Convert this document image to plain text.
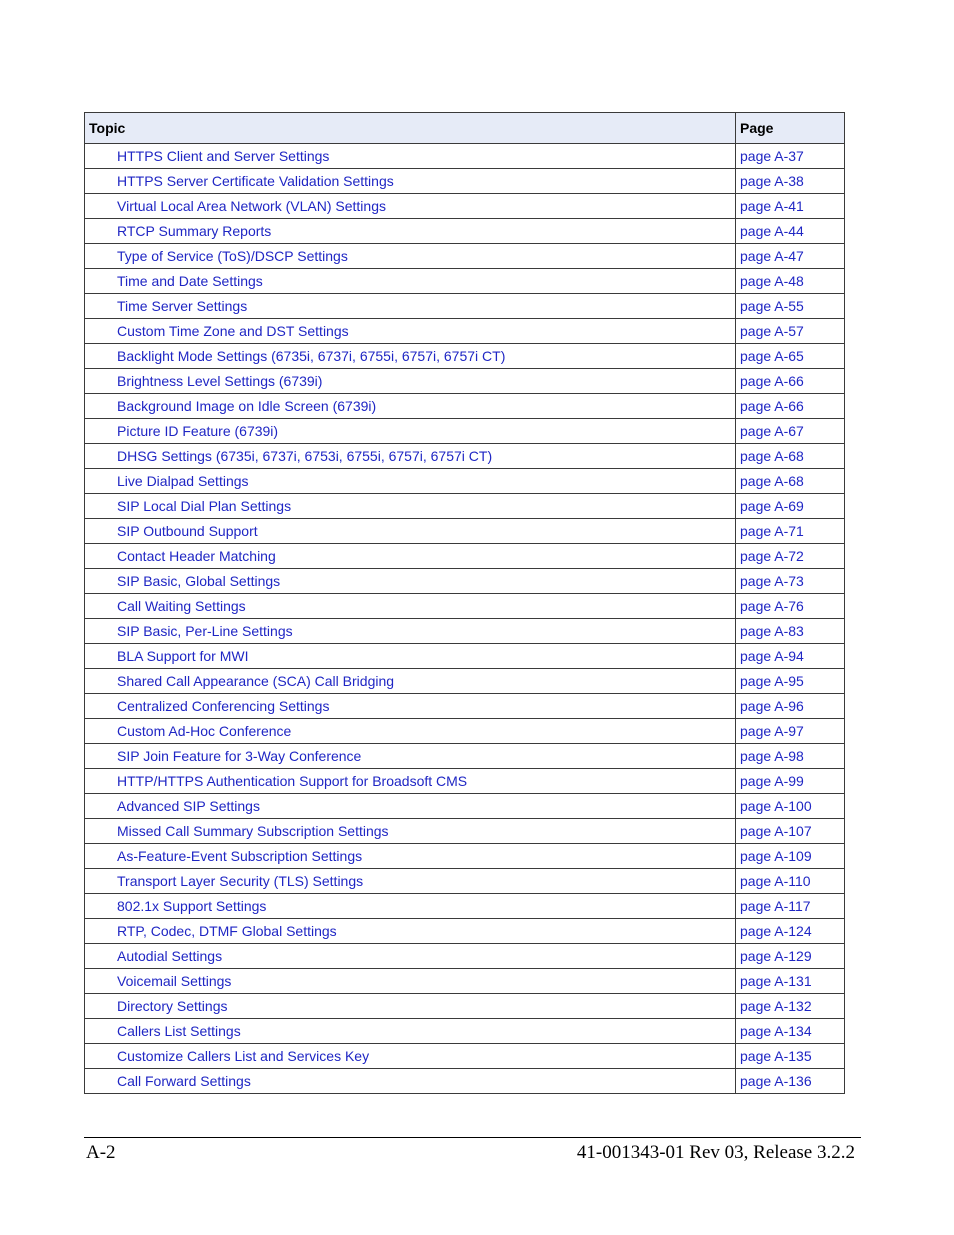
Topic	Page
HTTPS Client and Server Settings	page A-37
HTTPS Server Certificate Validation Settings	page A-38
Virtual Local Area Network (VLAN) Settings	page A-41
RTCP Summary Reports	page A-44
Type of Service (ToS)/DSCP Settings	page A-47
Time and Date Settings	page A-48
Time Server Settings	page A-55
Custom Time Zone and DST Settings	page A-57
Backlight Mode Settings (6735i, 6737i, 6755i, 6757i, 6757i CT)	page A-65
Brightness Level Settings (6739i)	page A-66
Background Image on Idle Screen (6739i)	page A-66
Picture ID Feature (6739i)	page A-67
DHSG Settings (6735i, 6737i, 6753i, 6755i, 6757i, 6757i CT)	page A-68
Live Dialpad Settings	page A-68
SIP Local Dial Plan Settings	page A-69
SIP Outbound Support	page A-71
Contact Header Matching	page A-72
SIP Basic, Global Settings	page A-73
Call Waiting Settings	page A-76
SIP Basic, Per-Line Settings	page A-83
BLA Support for MWI	page A-94
Shared Call Appearance (SCA) Call Bridging	page A-95
Centralized Conferencing Settings	page A-96
Custom Ad-Hoc Conference	page A-97
SIP Join Feature for 3-Way Conference	page A-98
HTTP/HTTPS Authentication Support for Broadsoft CMS	page A-99
Advanced SIP Settings	page A-100
Missed Call Summary Subscription Settings	page A-107
As-Feature-Event Subscription Settings	page A-109
Transport Layer Security (TLS) Settings	page A-110
802.1x Support Settings	page A-117
RTP, Codec, DTMF Global Settings	page A-124
Autodial Settings	page A-129
Voicemail Settings	page A-131
Directory Settings	page A-132
Callers List Settings	page A-134
Customize Callers List and Services Key	page A-135
Call Forward Settings	page A-136
A-2	41-001343-01 Rev 03, Release 3.2.2
